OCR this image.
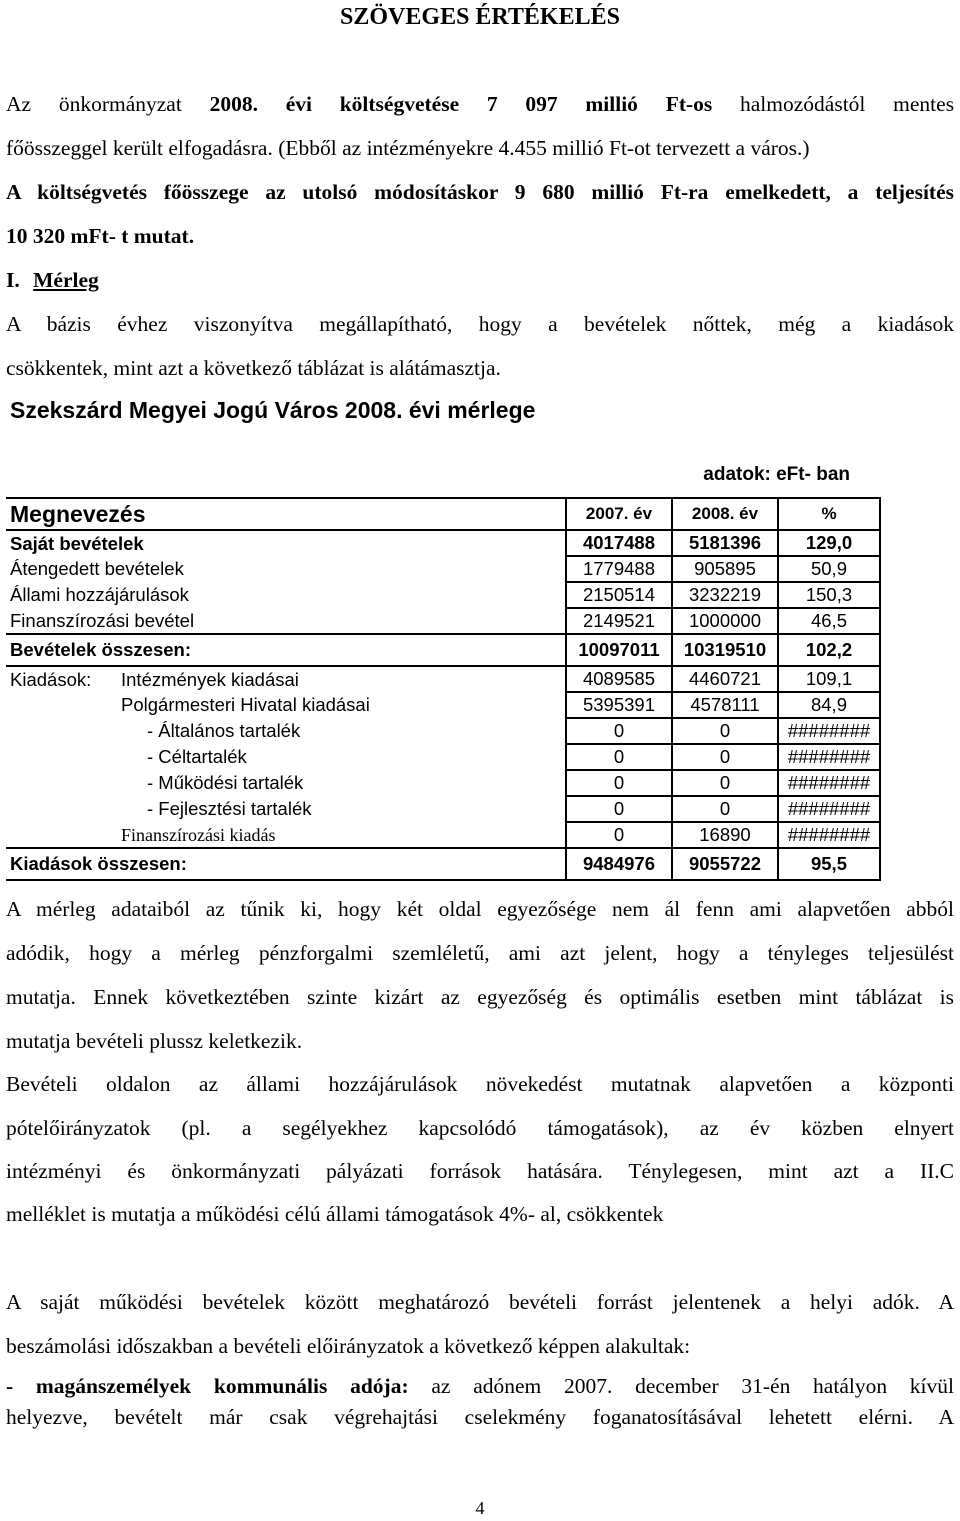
SZÖVEGES ÉRTÉKELÉS
Az önkormányzat 2008. évi költségvetése 7 097 millió Ft-os halmozódástól mentes
főösszeggel került elfogadásra. (Ebből az intézményekre 4.455 millió Ft-ot tervezett a város.)
A költségvetés főösszege az utolsó módosításkor 9 680 millió Ft-ra emelkedett, a teljesítés
10 320 mFt- t mutat.
I. Mérleg
A bázis évhez viszonyítva megállapítható, hogy a bevételek nőttek, még a kiadások
csökkentek, mint azt a következő táblázat is alátámasztja.
Szekszárd Megyei Jogú Város 2008. évi mérlege
adatok: eFt- ban
Megnevezés		2007. év	2008. év	%
Saját bevételek		4017488	5181396	129,0
Átengedett bevételek		1779488	905895	50,9
Állami hozzájárulások		2150514	3232219	150,3
Finanszírozási bevétel		2149521	1000000	46,5
Bevételek összesen:		10097011	10319510	102,2
Kiadások:	Intézmények kiadásai	4089585	4460721	109,1
	Polgármesteri Hivatal kiadásai	5395391	4578111	84,9
	- Általános tartalék	0	0	########
	- Céltartalék	0	0	########
	- Működési tartalék	0	0	########
	- Fejlesztési tartalék	0	0	########
	Finanszírozási kiadás	0	16890	########
Kiadások összesen:		9484976	9055722	95,5
A mérleg adataiból az tűnik ki, hogy két oldal egyezősége nem ál fenn ami alapvetően abból
adódik, hogy a mérleg pénzforgalmi szemléletű, ami azt jelent, hogy a tényleges teljesülést
mutatja. Ennek következtében szinte kizárt az egyezőség és optimális esetben mint táblázat is
mutatja bevételi plussz keletkezik.
Bevételi oldalon az állami hozzájárulások növekedést mutatnak alapvetően a központi
pótelőirányzatok (pl. a segélyekhez kapcsolódó támogatások), az év közben elnyert
intézményi és önkormányzati pályázati források hatására. Ténylegesen, mint azt a II.C
melléklet is mutatja a működési célú állami támogatások 4%- al, csökkentek
A saját működési bevételek között meghatározó bevételi forrást jelentenek a helyi adók. A
beszámolási időszakban a bevételi előirányzatok a következő képpen alakultak:
- magánszemélyek kommunális adója: az adónem 2007. december 31-én hatályon kívül
helyezve, bevételt már csak végrehajtási cselekmény foganatosításával lehetett elérni. A
4
